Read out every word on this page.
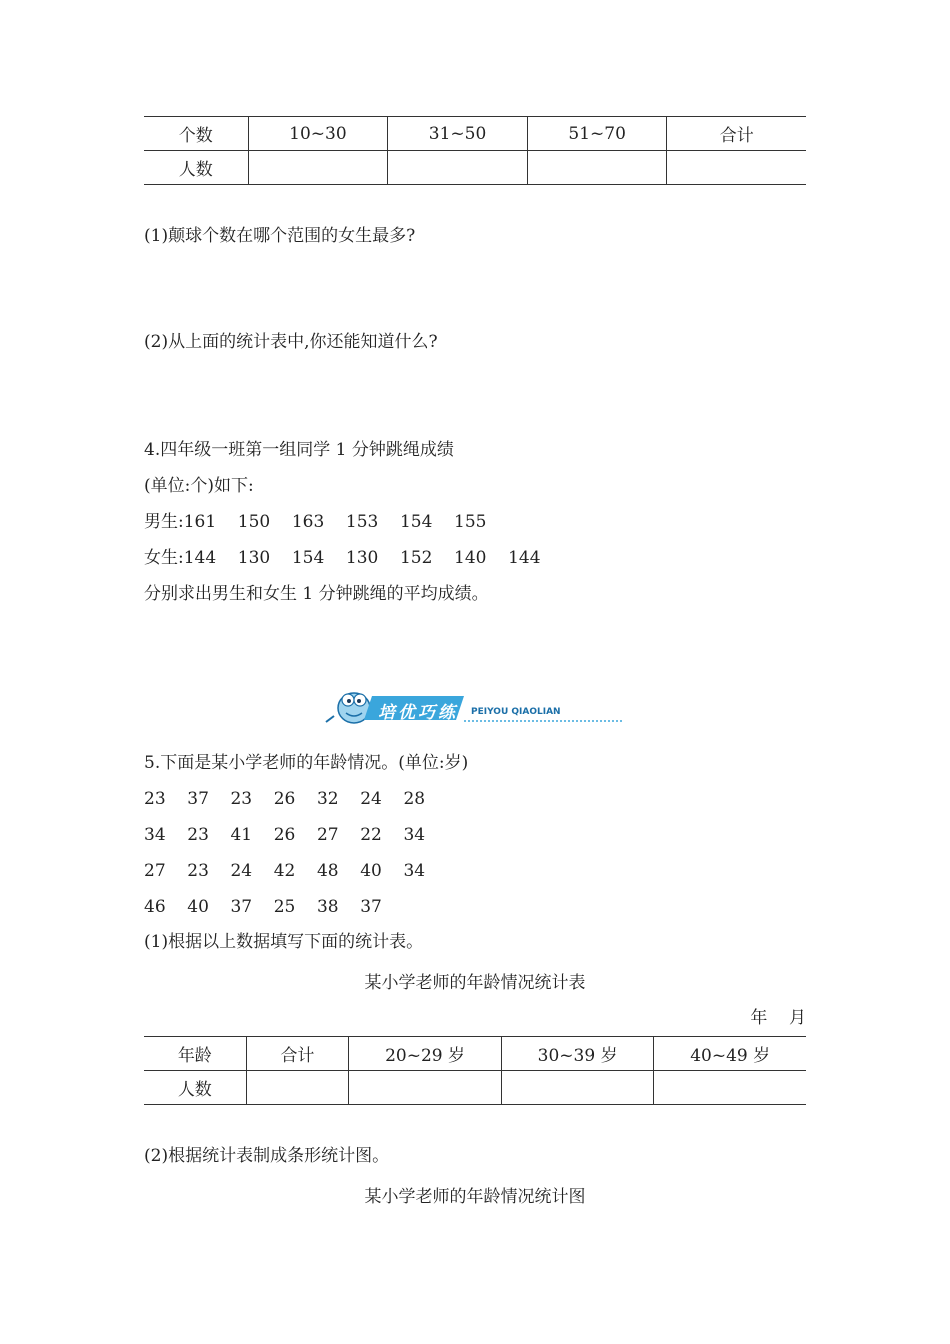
个数	10~30	31~50	51~70	合计
人数				
(1)颠球个数在哪个范围的女生最多?
(2)从上面的统计表中,你还能知道什么?
4.四年级一班第一组同学 1 分钟跳绳成绩
(单位:个)如下:
男生:161    150    163    153    154    155
女生:144    130    154    130    152    140    144
分别求出男生和女生 1 分钟跳绳的平均成绩。
培优巧练 PEIYOU QIAOLIAN
5.下面是某小学老师的年龄情况。(单位:岁)
23    37    23    26    32    24    28
34    23    41    26    27    22    34
27    23    24    42    48    40    34
46    40    37    25    38    37
(1)根据以上数据填写下面的统计表。
某小学老师的年龄情况统计表
年    月
年龄	合计	20~29 岁	30~39 岁	40~49 岁
人数				
(2)根据统计表制成条形统计图。
某小学老师的年龄情况统计图
